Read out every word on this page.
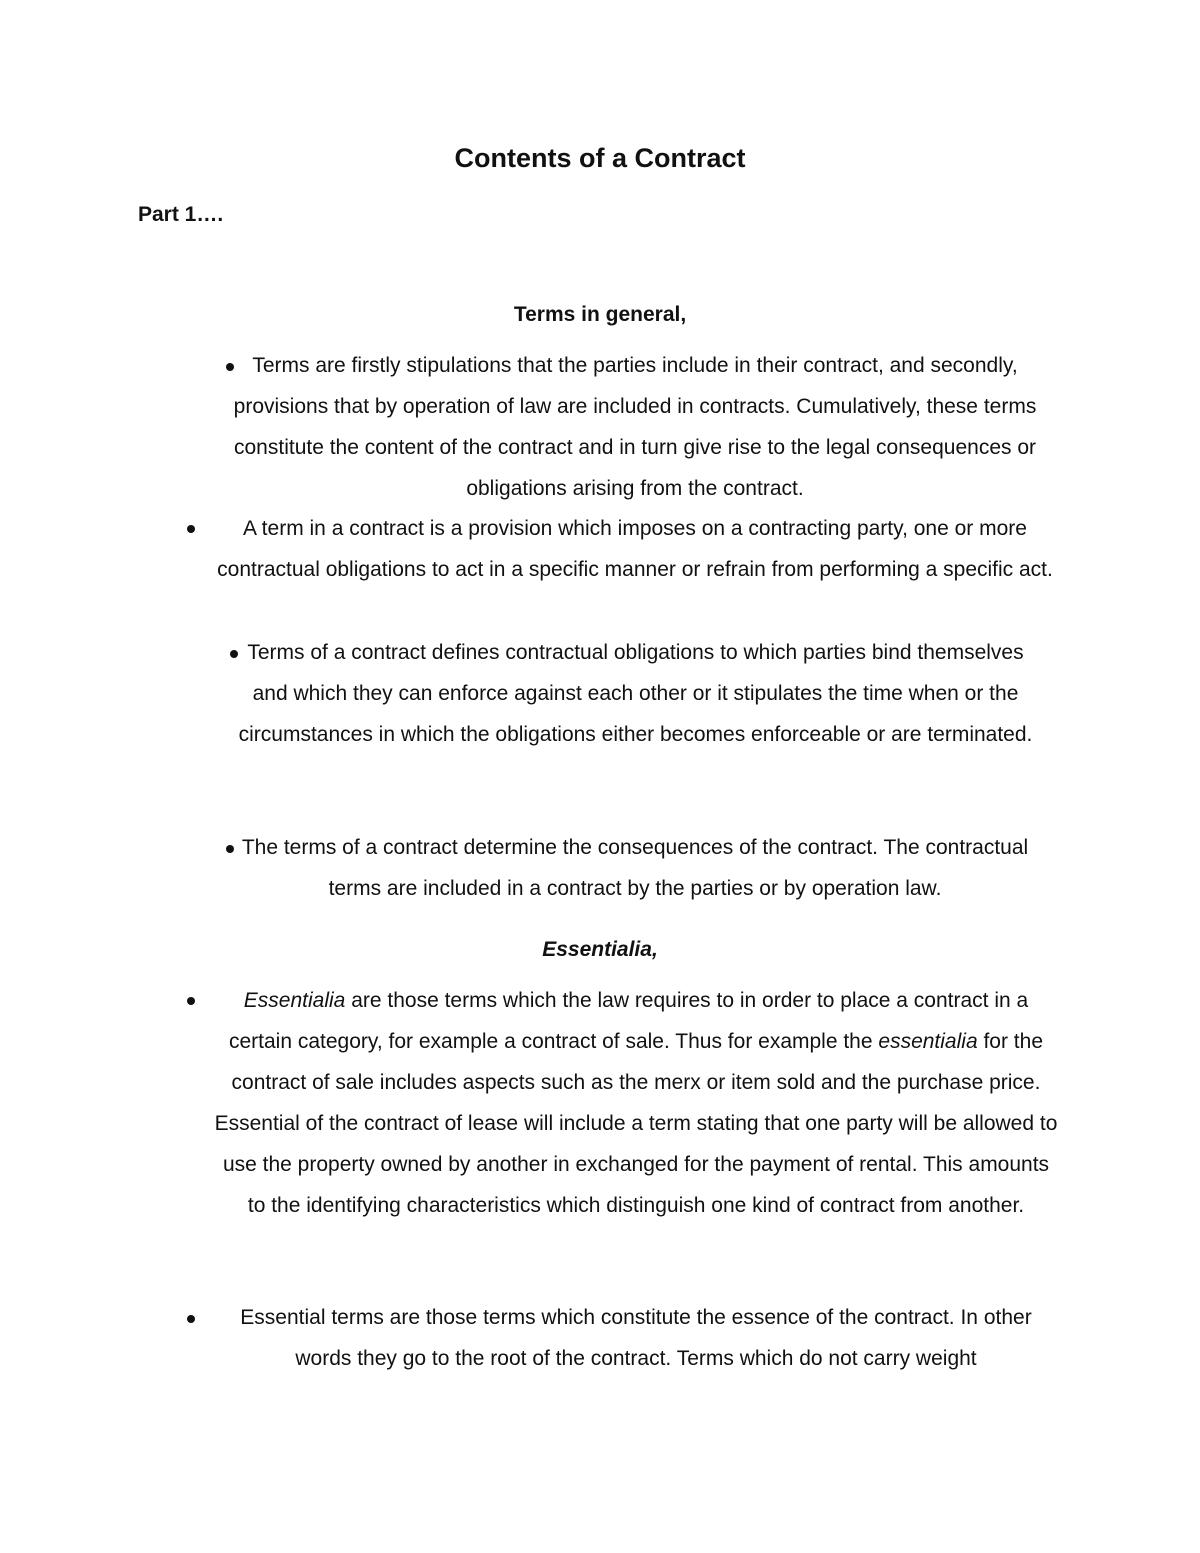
Contents of a Contract
Part 1….
Terms in general,

Terms are firstly stipulations that the parties include in their contract, and secondly, provisions that by operation of law are included in contracts. Cumulatively, these terms constitute the content of the contract and in turn give rise to the legal consequences or obligations arising from the contract.

A term in a contract is a provision which imposes on a contracting party, one or more contractual obligations to act in a specific manner or refrain from performing a specific act.

Terms of a contract defines contractual obligations to which parties bind themselves and which they can enforce against each other or it stipulates the time when or the circumstances in which the obligations either becomes enforceable or are terminated.

The terms of a contract determine the consequences of the contract. The contractual terms are included in a contract by the parties or by operation law.

Essentialia,

Essentialia are those terms which the law requires to in order to place a contract in a certain category, for example a contract of sale. Thus for example the essentialia for the contract of sale includes aspects such as the merx or item sold and the purchase price. Essential of the contract of lease will include a term stating that one party will be allowed to use the property owned by another in exchanged for the payment of rental. This amounts to the identifying characteristics which distinguish one kind of contract from another.

Essential terms are those terms which constitute the essence of the contract. In other words they go to the root of the contract. Terms which do not carry weight
